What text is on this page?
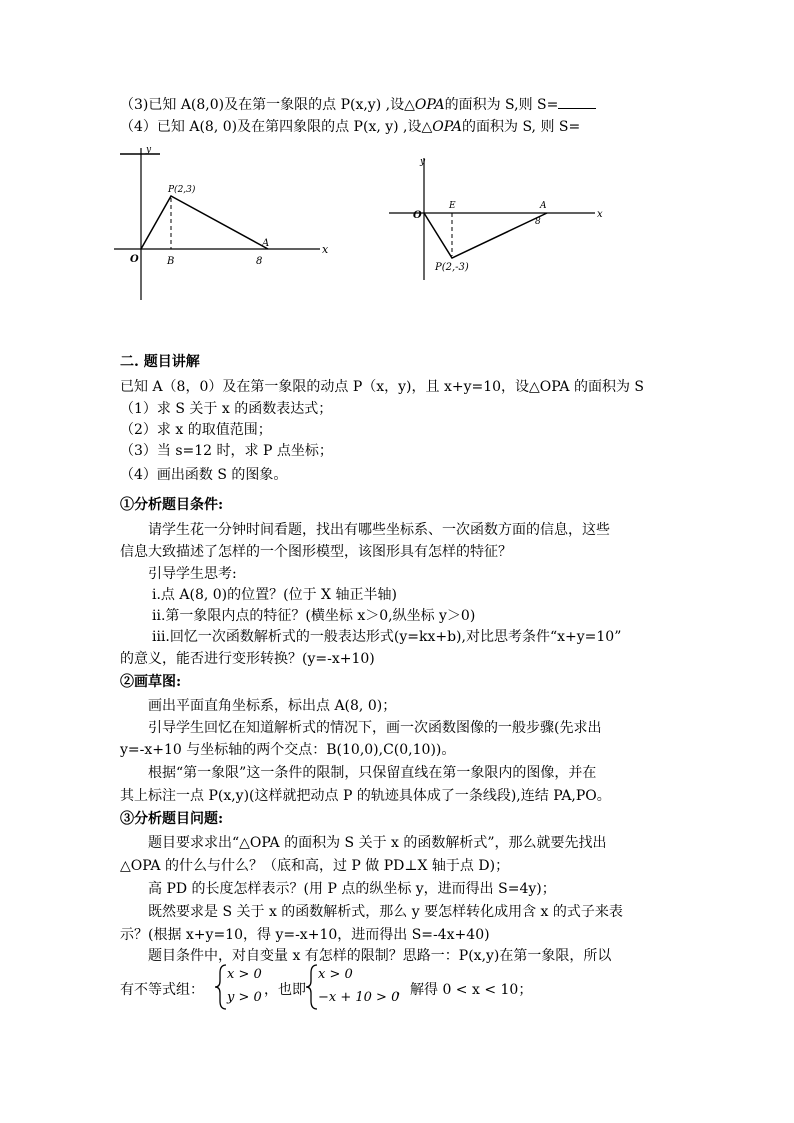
（3)已知 A(8,0)及在第一象限的点 P(x,y) ,设△OPA的面积为 S,则 S=
（4）已知 A(8, 0)及在第四象限的点 P(x, y) ,设△OPA的面积为 S, 则 S=
y
x
O
P(2,3)
B
A
8
y
x
O
E	A
8
P(2,-3)
二. 题目讲解
已知 A（8，0）及在第一象限的动点 P（x，y)，且 x+y=10，设△OPA 的面积为 S
（1）求 S 关于 x 的函数表达式；
（2）求 x 的取值范围；
（3）当 s=12 时，求 P 点坐标；
（4）画出函数 S 的图象。
①分析题目条件:
请学生花一分钟时间看题，找出有哪些坐标系、一次函数方面的信息，这些
信息大致描述了怎样的一个图形模型，该图形具有怎样的特征？
引导学生思考:
ⅰ.点 A(8, 0)的位置？(位于 X 轴正半轴)
ⅱ.第一象限内点的特征？(横坐标 x＞0,纵坐标 y＞0)
ⅲ.回忆一次函数解析式的一般表达形式(y=kx+b),对比思考条件“x+y=10”
的意义，能否进行变形转换？(y=-x+10)
②画草图:
画出平面直角坐标系，标出点 A(8, 0)；
引导学生回忆在知道解析式的情况下，画一次函数图像的一般步骤(先求出
y=-x+10 与坐标轴的两个交点：B(10,0),C(0,10))。
根据“第一象限”这一条件的限制，只保留直线在第一象限内的图像，并在
其上标注一点 P(x,y)(这样就把动点 P 的轨迹具体成了一条线段),连结 PA,PO。
③分析题目问题:
题目要求求出“△OPA 的面积为 S 关于 x 的函数解析式”，那么就要先找出
△OPA 的什么与什么？（底和高，过 P 做 PD⊥X 轴于点 D)；
高 PD 的长度怎样表示？(用 P 点的纵坐标 y，进而得出 S=4y)；
既然要求是 S 关于 x 的函数解析式，那么 y 要怎样转化成用含 x 的式子来表
示？(根据 x+y=10，得 y=-x+10，进而得出 S=-4x+40)
题目条件中，对自变量 x 有怎样的限制？思路一：P(x,y)在第一象限，所以
有不等式组：
x > 0
y > 0 ，也即
x > 0
−x + 10 > 0
，解得 0 < x < 10；
